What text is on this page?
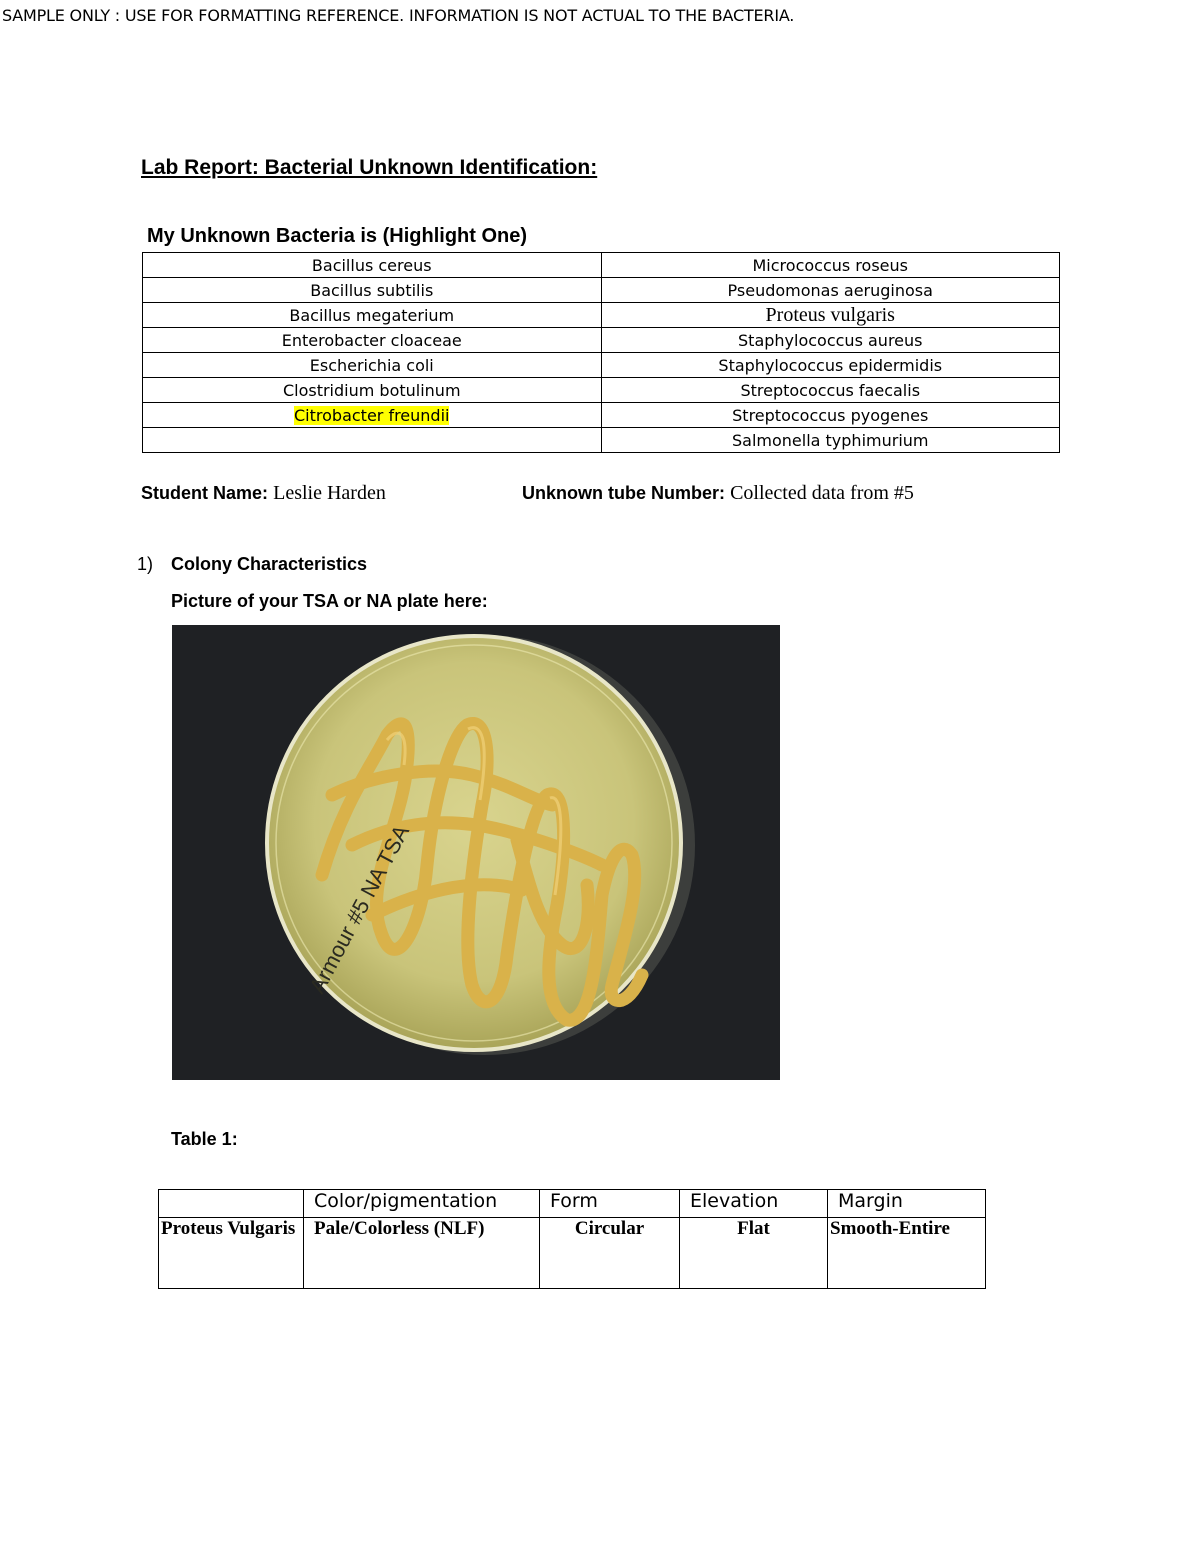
SAMPLE ONLY : USE FOR FORMATTING REFERENCE. INFORMATION IS NOT ACTUAL TO THE BACTERIA.
Lab Report: Bacterial Unknown Identification:
My Unknown Bacteria is (Highlight One)
Bacillus cereus	Micrococcus roseus
Bacillus subtilis	Pseudomonas aeruginosa
Bacillus megaterium	Proteus vulgaris
Enterobacter cloaceae	Staphylococcus aureus
Escherichia coli	Staphylococcus epidermidis
Clostridium botulinum	Streptococcus faecalis
Citrobacter freundii	Streptococcus pyogenes
	Salmonella typhimurium
Student Name: Leslie Harden	Unknown tube Number: Collected data from #5
1) Colony Characteristics
Picture of your TSA or NA plate here:
Armour #5 NA TSA
Table 1:
	Color/pigmentation	Form	Elevation	Margin
Proteus Vulgaris	Pale/Colorless (NLF)	Circular	Flat	Smooth-Entire
